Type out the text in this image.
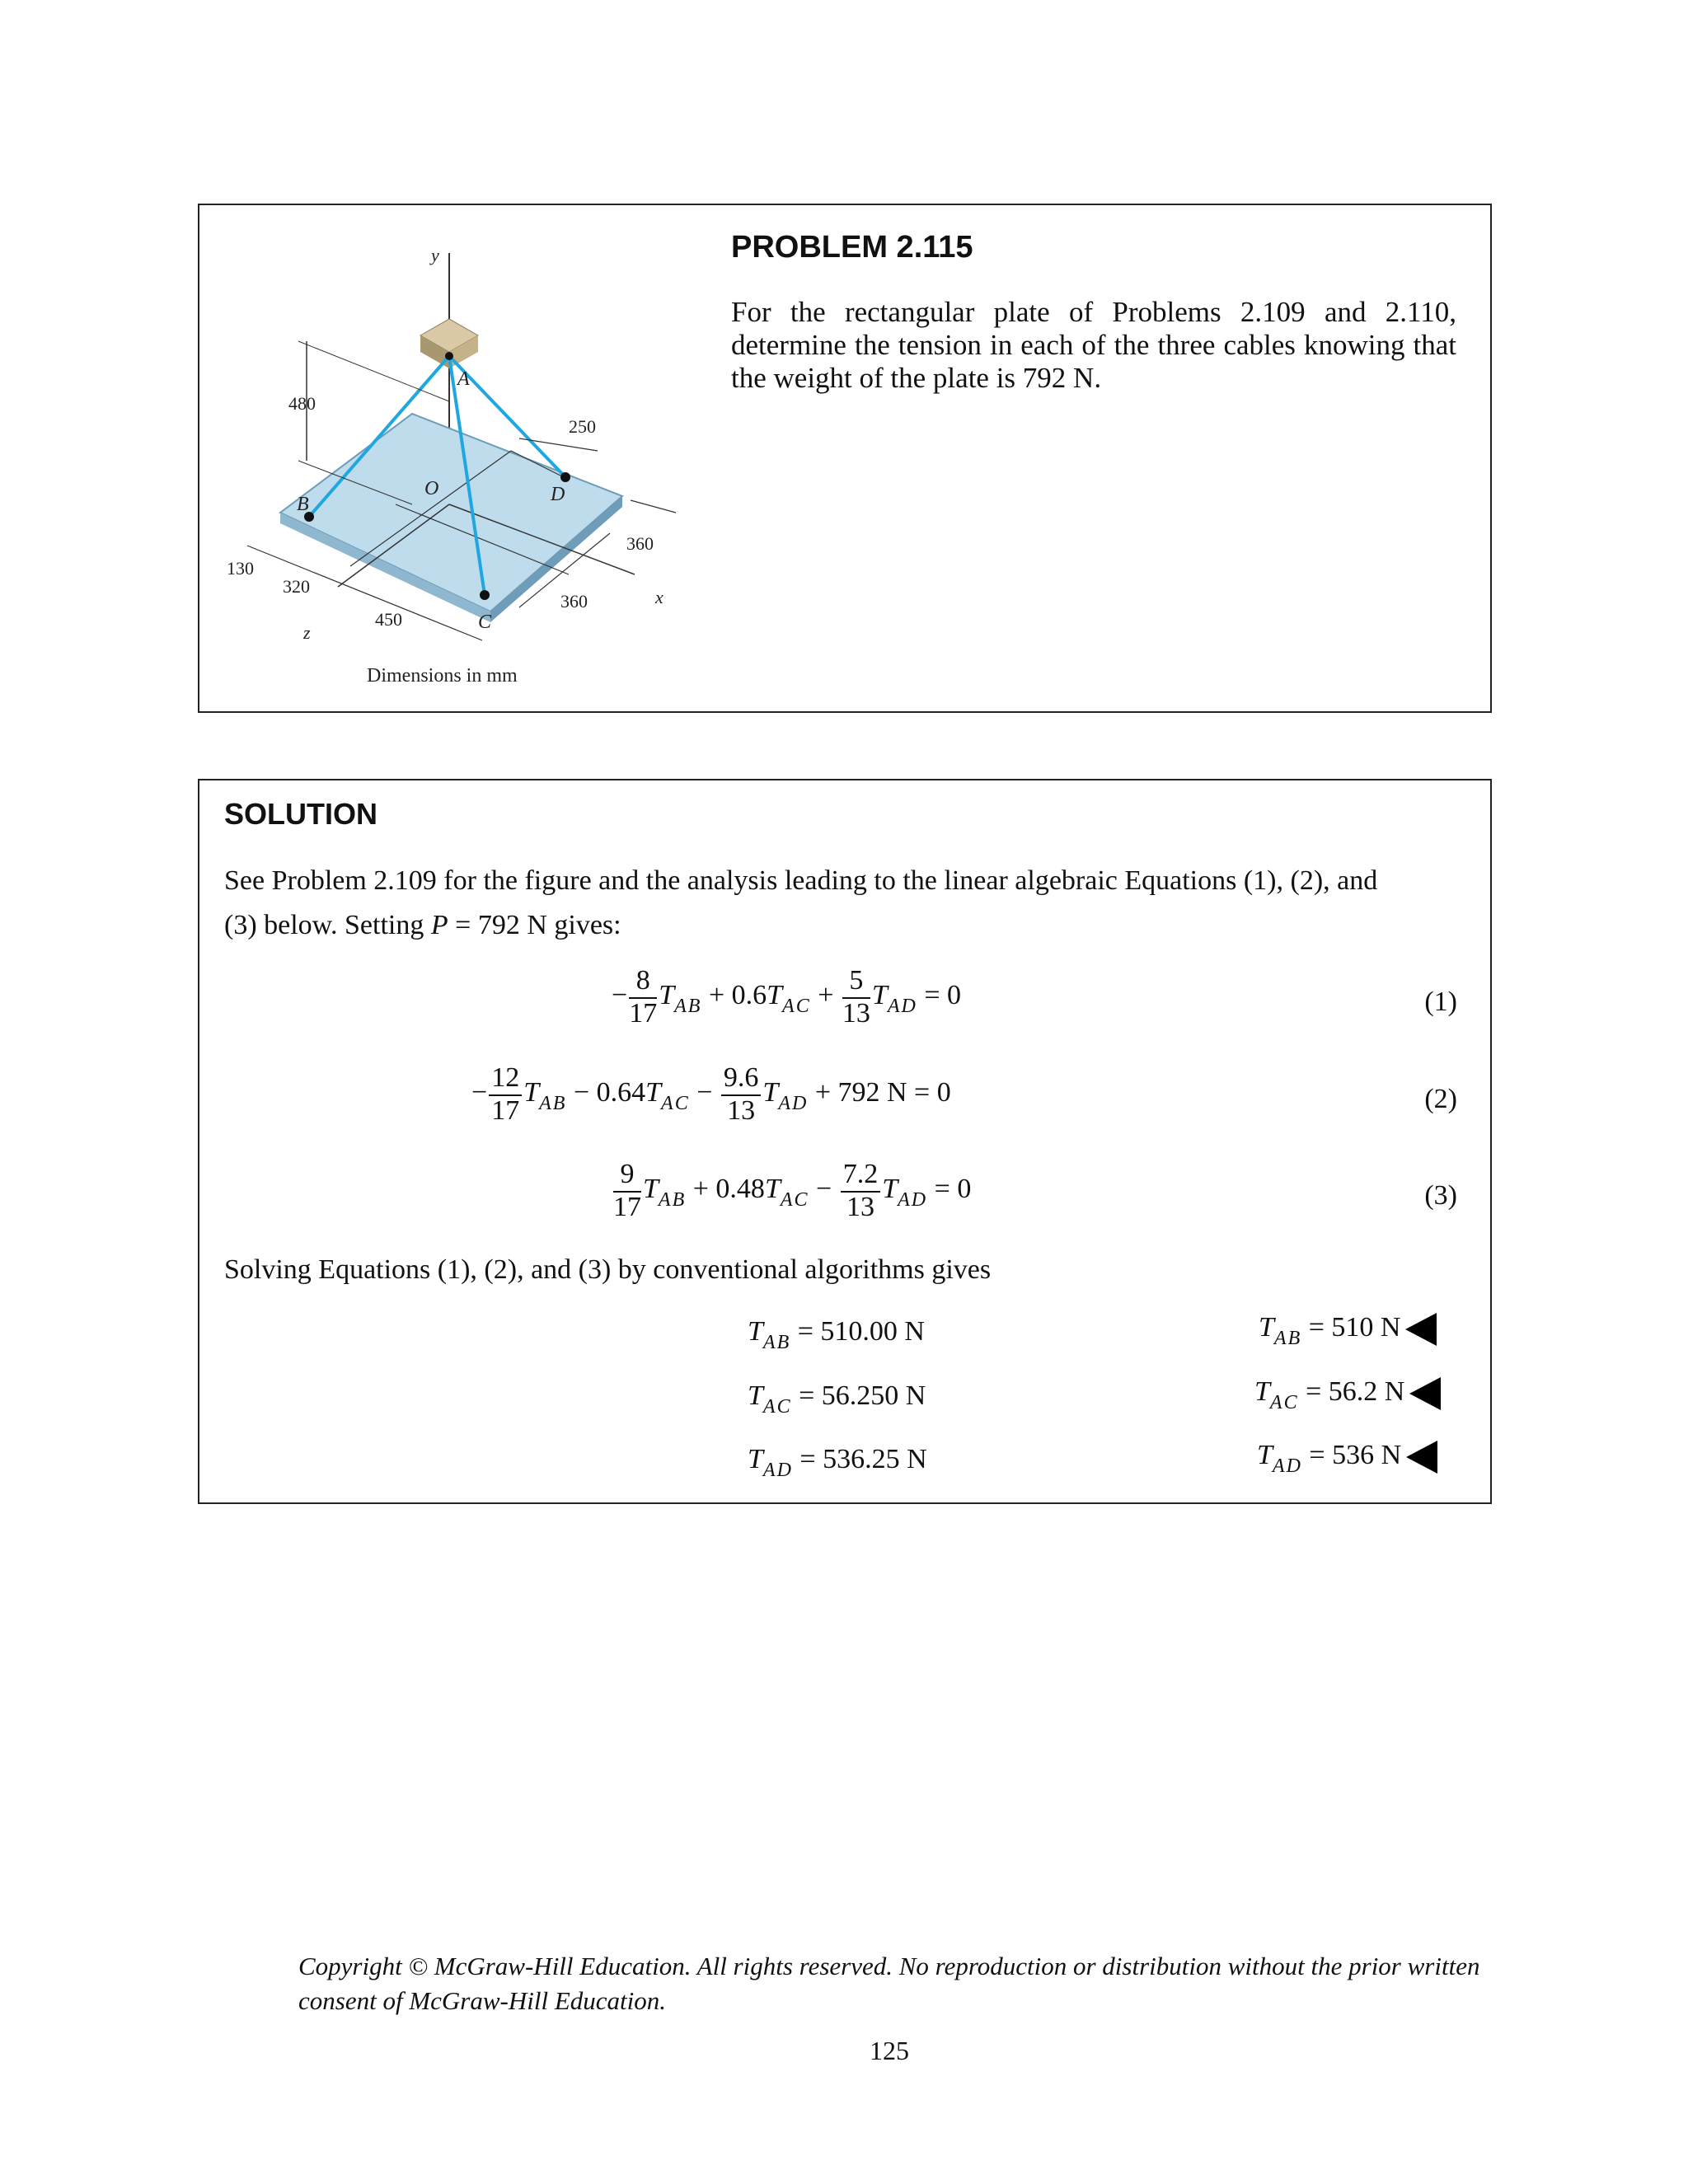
y
A
B
C
D
O
x
z
480
250
360
360
130
320
450
Dimensions in mm
PROBLEM 2.115
For the rectangular plate of Problems 2.109 and 2.110, determine the tension in each of the three cables knowing that the weight of the plate is 792 N.
SOLUTION
See Problem 2.109 for the figure and the analysis leading to the linear algebraic Equations (1), (2), and
(3) below. Setting P = 792 N gives:
− $\frac{8}{17} T_{AB} + 0.6T_{AC} + \frac{5}{13} T_{AD} = 0$	(1)
− $\frac{12}{17} T_{AB} - 0.64T_{AC} - \frac{9.6}{13} T_{AD} + 792$ N = 0	(2)
$\frac{9}{17} T_{AB} + 0.48T_{AC} - \frac{7.2}{13} T_{AD} = 0$	(3)
Solving Equations (1), (2), and (3) by conventional algorithms gives
$T_{AB} = 510.00$ N	$T_{AB} = 510$ N
$T_{AC} = 56.250$ N	$T_{AC} = 56.2$ N
$T_{AD} = 536.25$ N	$T_{AD} = 536$ N
Copyright © McGraw-Hill Education. All rights reserved. No reproduction or distribution without the prior written consent of McGraw-Hill Education.
125
